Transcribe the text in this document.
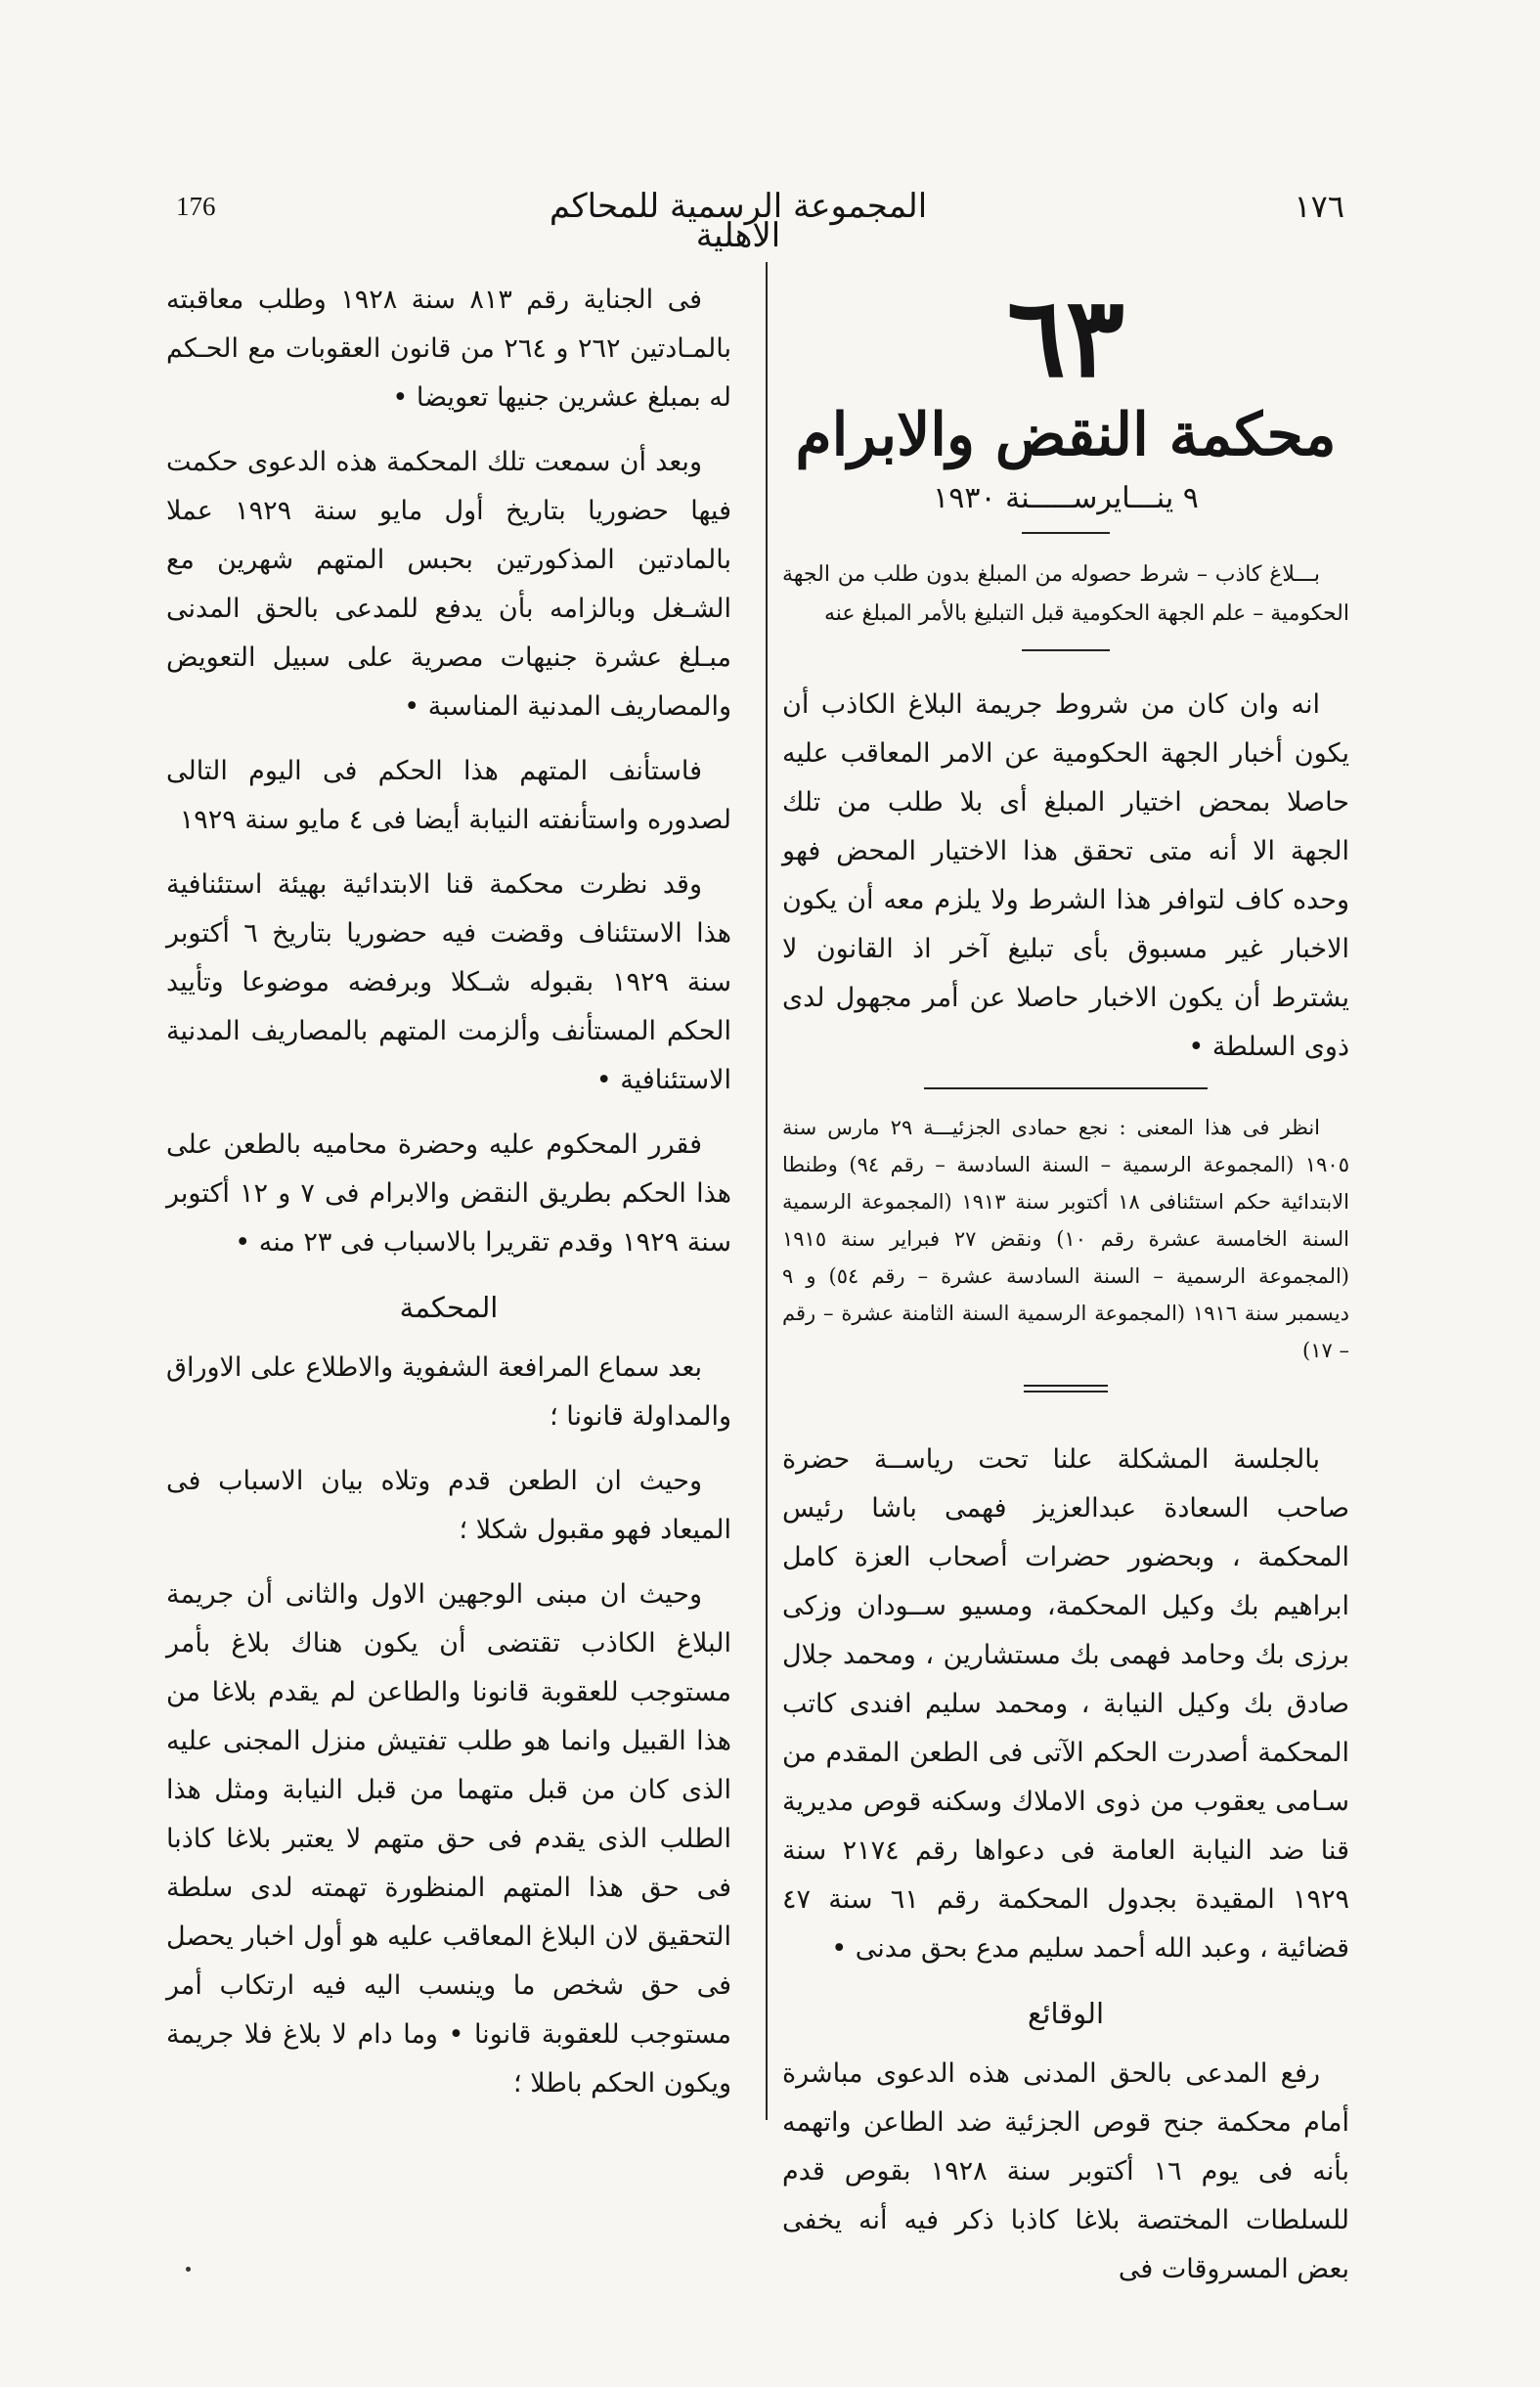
176	المجموعة الرسمية للمحاكم الاهلية
١٧٦
٦٣
محكمة النقض والابرام
٩ ينـــايرســـــنة ١٩٣٠

بـــلاغ كاذب – شرط حصوله من المبلغ بدون طلب من الجهة الحكومية – علم الجهة الحكومية قبل التبليغ بالأمر المبلغ عنه

انه وان كان من شروط جريمة البلاغ الكاذب أن يكون أخبار الجهة الحكومية عن الامر المعاقب عليه حاصلا بمحض اختيار المبلغ أى بلا طلب من تلك الجهة الا أنه متى تحقق هذا الاختيار المحض فهو وحده كاف لتوافر هذا الشرط ولا يلزم معه أن يكون الاخبار غير مسبوق بأى تبليغ آخر اذ القانون لا يشترط أن يكون الاخبار حاصلا عن أمر مجهول لدى ذوى السلطة •

انظر فى هذا المعنى : نجع حمادى الجزئيـــة ٢٩ مارس سنة ١٩٠٥ (المجموعة الرسمية – السنة السادسة – رقم ٩٤) وطنطا الابتدائية حكم استئنافى ١٨ أكتوبر سنة ١٩١٣ (المجموعة الرسمية السنة الخامسة عشرة رقم ١٠) ونقض ٢٧ فبراير سنة ١٩١٥ (المجموعة الرسمية – السنة السادسة عشرة – رقم ٥٤) و ٩ ديسمبر سنة ١٩١٦ (المجموعة الرسمية السنة الثامنة عشرة – رقم – ١٧)

بالجلسة المشكلة علنا تحت رياســة حضرة صاحب السعادة عبدالعزيز فهمى باشا رئيس المحكمة ، وبحضور حضرات أصحاب العزة كامل ابراهيم بك وكيل المحكمة، ومسيو ســودان وزكى برزى بك وحامد فهمى بك مستشارين ، ومحمد جلال صادق بك وكيل النيابة ، ومحمد سليم افندى كاتب المحكمة أصدرت الحكم الآتى فى الطعن المقدم من سـامى يعقوب من ذوى الاملاك وسكنه قوص مديرية قنا ضد النيابة العامة فى دعواها رقم ٢١٧٤ سنة ١٩٢٩ المقيدة بجدول المحكمة رقم ٦١ سنة ٤٧ قضائية ، وعبد الله أحمد سليم مدع بحق مدنى •

الوقائع

رفع المدعى بالحق المدنى هذه الدعوى مباشرة أمام محكمة جنح قوص الجزئية ضد الطاعن واتهمه بأنه فى يوم ١٦ أكتوبر سنة ١٩٢٨ بقوص قدم للسلطات المختصة بلاغا كاذبا ذكر فيه أنه يخفى بعض المسروقات فى

فى الجناية رقم ٨١٣ سنة ١٩٢٨ وطلب معاقبته بالمـادتين ٢٦٢ و ٢٦٤ من قانون العقوبات مع الحـكم له بمبلغ عشرين جنيها تعويضا •

وبعد أن سمعت تلك المحكمة هذه الدعوى حكمت فيها حضوريا بتاريخ أول مايو سنة ١٩٢٩ عملا بالمادتين المذكورتين بحبس المتهم شهرين مع الشـغل وبالزامه بأن يدفع للمدعى بالحق المدنى مبـلغ عشرة جنيهات مصرية على سبيل التعويض والمصاريف المدنية المناسبة •

فاستأنف المتهم هذا الحكم فى اليوم التالى لصدوره واستأنفته النيابة أيضا فى ٤ مايو سنة ١٩٢٩

وقد نظرت محكمة قنا الابتدائية بهيئة استئنافية هذا الاستئناف وقضت فيه حضوريا بتاريخ ٦ أكتوبر سنة ١٩٢٩ بقبوله شـكلا وبرفضه موضوعا وتأييد الحكم المستأنف وألزمت المتهم بالمصاريف المدنية الاستئنافية •

فقرر المحكوم عليه وحضرة محاميه بالطعن على هذا الحكم بطريق النقض والابرام فى ٧ و ١٢ أكتوبر سنة ١٩٢٩ وقدم تقريرا بالاسباب فى ٢٣ منه •

المحكمة

بعد سماع المرافعة الشفوية والاطلاع على الاوراق والمداولة قانونا ؛

وحيث ان الطعن قدم وتلاه بيان الاسباب فى الميعاد فهو مقبول شكلا ؛

وحيث ان مبنى الوجهين الاول والثانى أن جريمة البلاغ الكاذب تقتضى أن يكون هناك بلاغ بأمر مستوجب للعقوبة قانونا والطاعن لم يقدم بلاغا من هذا القبيل وانما هو طلب تفتيش منزل المجنى عليه الذى كان من قبل متهما من قبل النيابة ومثل هذا الطلب الذى يقدم فى حق متهم لا يعتبر بلاغا كاذبا فى حق هذا المتهم المنظورة تهمته لدى سلطة التحقيق لان البلاغ المعاقب عليه هو أول اخبار يحصل فى حق شخص ما وينسب اليه فيه ارتكاب أمر مستوجب للعقوبة قانونا • وما دام لا بلاغ فلا جريمة ويكون الحكم باطلا ؛
